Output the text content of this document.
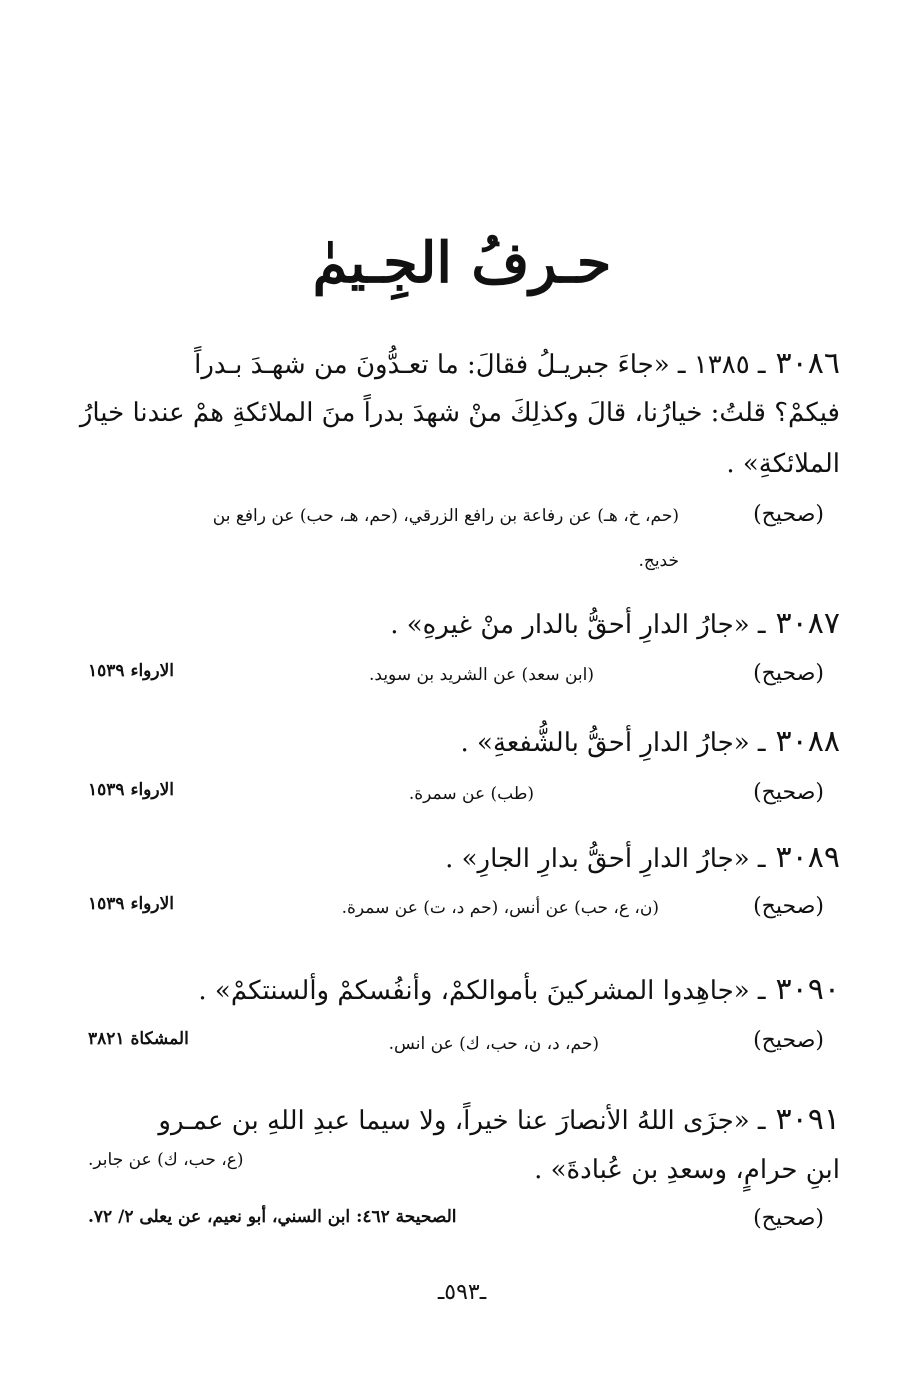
حـرفُ الجِـيمٰ
٣٠٨٦ـ ١٣٨٥ ـ «جاءَ جبريـلُ فقالَ: ما تعـدُّونَ من شهـدَ بـدراً
فيكمْ؟ قلتُ: خيارُنا، قالَ وكذلِكَ منْ شهدَ بدراً منَ الملائكةِ همْ عندنا خيارُ
الملائكةِ» .
(صحيح)
(حم، خ، هـ) عن رفاعة بن رافع الزرقي، (حم، هـ، حب) عن رافع بن
خديج.
٣٠٨٧ـ «جارُ الدارِ أحقُّ بالدار منْ غيرهِ» .
(صحيح)
(ابن سعد) عن الشريد بن سويد.
الارواء ١٥٣٩
٣٠٨٨ـ «جارُ الدارِ أحقُّ بالشُّفعةِ» .
(صحيح)
(طب) عن سمرة.
الارواء ١٥٣٩
٣٠٨٩ـ «جارُ الدارِ أحقُّ بدارِ الجارِ» .
(صحيح)
(ن، ع، حب) عن أنس، (حم د، ت) عن سمرة.
الارواء ١٥٣٩
٣٠٩٠ـ «جاهِدوا المشركينَ بأموالكمْ، وأنفُسكمْ وألسنتكمْ» .
(صحيح)
(حم، د، ن، حب، ك) عن انس.
المشكاة ٣٨٢١
٣٠٩١ـ «جزَى اللهُ الأنصارَ عنا خيراً، ولا سيما عبدِ اللهِ بن عمـرو
ابنِ حرامٍ، وسعدِ بن عُبادةَ» .
(ع، حب، ك) عن جابر.
(صحيح)
الصحيحة ٤٦٢: ابن السني، أبو نعيم، عن يعلى ٢/ ٧٢.
ـ٥٩٣ـ
